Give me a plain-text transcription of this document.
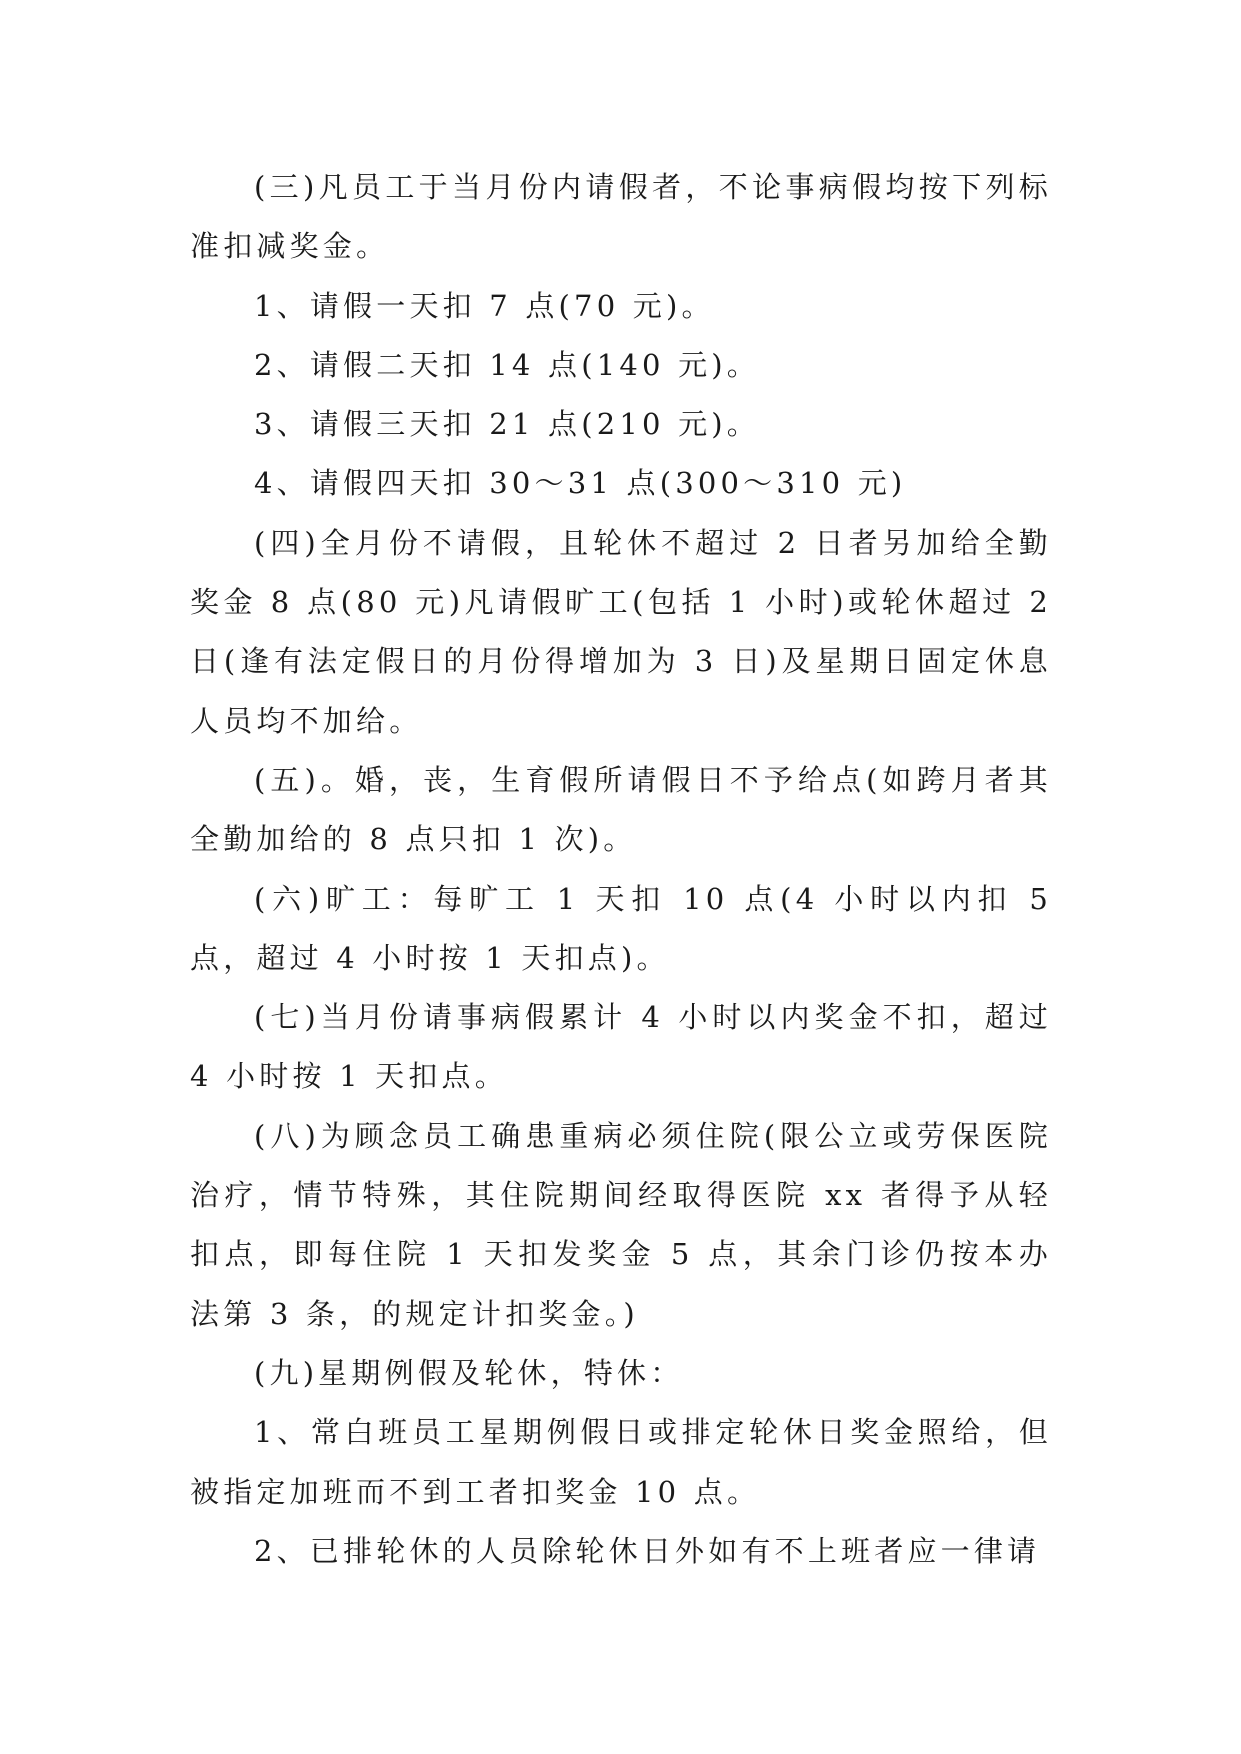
(三)凡员工于当月份内请假者，不论事病假均按下列标准扣减奖金。

1、请假一天扣 7 点(70 元)。

2、请假二天扣 14 点(140 元)。

3、请假三天扣 21 点(210 元)。

4、请假四天扣 30～31 点(300～310 元)

(四)全月份不请假，且轮休不超过 2 日者另加给全勤奖金 8 点(80 元)凡请假旷工(包括 1 小时)或轮休超过 2 日(逢有法定假日的月份得增加为 3 日)及星期日固定休息人员均不加给。

(五)。婚，丧，生育假所请假日不予给点(如跨月者其全勤加给的 8 点只扣 1 次)。

(六)旷工：每旷工 1 天扣 10 点(4 小时以内扣 5 点，超过 4 小时按 1 天扣点)。

(七)当月份请事病假累计 4 小时以内奖金不扣，超过 4 小时按 1 天扣点。

(八)为顾念员工确患重病必须住院(限公立或劳保医院治疗，情节特殊，其住院期间经取得医院 xx 者得予从轻扣点，即每住院 1 天扣发奖金 5 点，其余门诊仍按本办法第 3 条，的规定计扣奖金。)

(九)星期例假及轮休，特休：

1、常白班员工星期例假日或排定轮休日奖金照给，但被指定加班而不到工者扣奖金 10 点。

2、已排轮休的人员除轮休日外如有不上班者应一律请
